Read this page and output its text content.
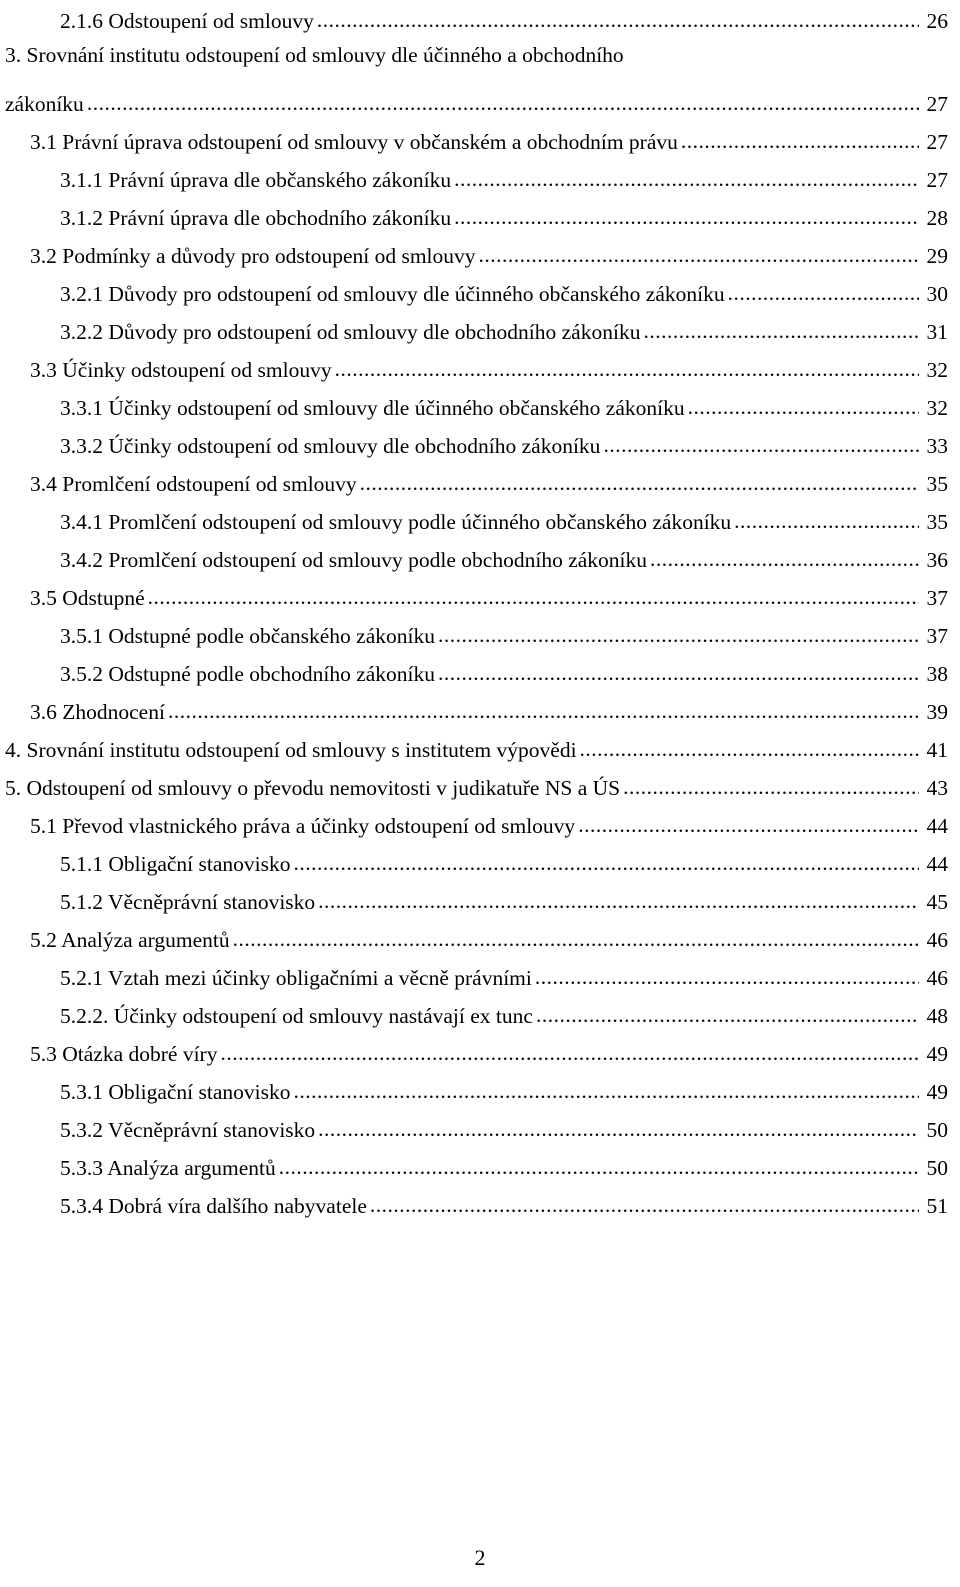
2.1.6 Odstoupení od smlouvy .....	26
3. Srovnání institutu odstoupení od smlouvy dle účinného a obchodního
zákoníku .....	27
3.1 Právní úprava odstoupení od smlouvy v občanském a obchodním právu .....	27
3.1.1 Právní úprava dle občanského zákoníku .....	27
3.1.2 Právní úprava dle obchodního zákoníku .....	28
3.2 Podmínky a důvody pro odstoupení od smlouvy .....	29
3.2.1 Důvody pro odstoupení od smlouvy dle účinného občanského zákoníku .....	30
3.2.2 Důvody pro odstoupení od smlouvy dle obchodního zákoníku .....	31
3.3 Účinky odstoupení od smlouvy .....	32
3.3.1 Účinky odstoupení od smlouvy dle účinného občanského zákoníku .....	32
3.3.2 Účinky odstoupení od smlouvy dle obchodního zákoníku .....	33
3.4 Promlčení odstoupení od smlouvy .....	35
3.4.1 Promlčení odstoupení od smlouvy podle účinného občanského zákoníku .....	35
3.4.2 Promlčení odstoupení od smlouvy podle obchodního zákoníku .....	36
3.5 Odstupné .....	37
3.5.1 Odstupné podle občanského zákoníku .....	37
3.5.2 Odstupné podle obchodního zákoníku .....	38
3.6 Zhodnocení .....	39
4. Srovnání institutu odstoupení od smlouvy s institutem výpovědi .....	41
5. Odstoupení od smlouvy o převodu nemovitosti v judikatuře NS a ÚS .....	43
5.1 Převod vlastnického práva a účinky odstoupení od smlouvy .....	44
5.1.1 Obligační stanovisko .....	44
5.1.2 Věcněprávní stanovisko .....	45
5.2 Analýza argumentů .....	46
5.2.1 Vztah mezi účinky obligačními a věcně právními .....	46
5.2.2. Účinky odstoupení od smlouvy nastávají ex tunc .....	48
5.3 Otázka dobré víry .....	49
5.3.1 Obligační stanovisko .....	49
5.3.2 Věcněprávní stanovisko .....	50
5.3.3 Analýza argumentů .....	50
5.3.4 Dobrá víra dalšího nabyvatele .....	51
2
